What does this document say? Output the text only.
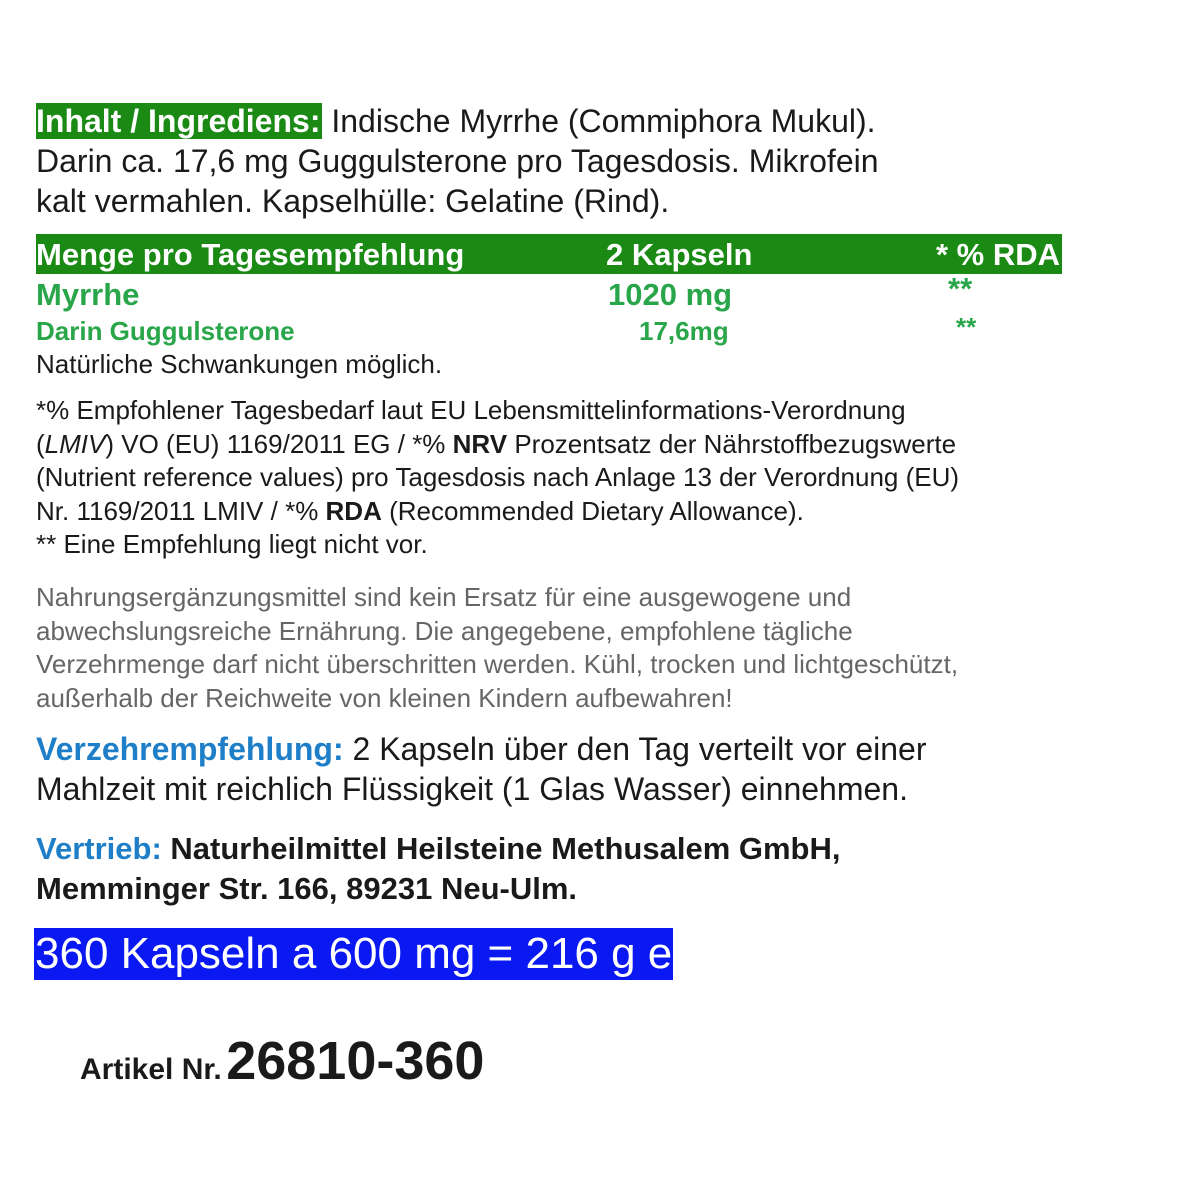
Inhalt / Ingrediens: Indische Myrrhe (Commiphora Mukul).
Darin ca. 17,6 mg Guggulsterone pro Tagesdosis. Mikrofein
kalt vermahlen. Kapselhülle: Gelatine (Rind).
Menge pro Tagesempfehlung	2 Kapseln	* % RDA
Myrrhe	1020 mg	**
Darin Guggulsterone	17,6mg	**
Natürliche Schwankungen möglich.
*% Empfohlener Tagesbedarf laut EU Lebensmittelinformations-Verordnung
(LMIV) VO (EU) 1169/2011 EG / *% NRV Prozentsatz der Nährstoffbezugswerte
(Nutrient reference values) pro Tagesdosis nach Anlage 13 der Verordnung (EU)
Nr. 1169/2011 LMIV / *% RDA (Recommended Dietary Allowance).
** Eine Empfehlung liegt nicht vor.
Nahrungsergänzungsmittel sind kein Ersatz für eine ausgewogene und
abwechslungsreiche Ernährung. Die angegebene, empfohlene tägliche
Verzehrmenge darf nicht überschritten werden. Kühl, trocken und lichtgeschützt,
außerhalb der Reichweite von kleinen Kindern aufbewahren!
Verzehrempfehlung: 2 Kapseln über den Tag verteilt vor einer
Mahlzeit mit reichlich Flüssigkeit (1 Glas Wasser) einnehmen.
Vertrieb: Naturheilmittel Heilsteine Methusalem GmbH,
Memminger Str. 166, 89231 Neu-Ulm.
360 Kapseln a 600 mg = 216 g e
Artikel Nr. 26810-360
